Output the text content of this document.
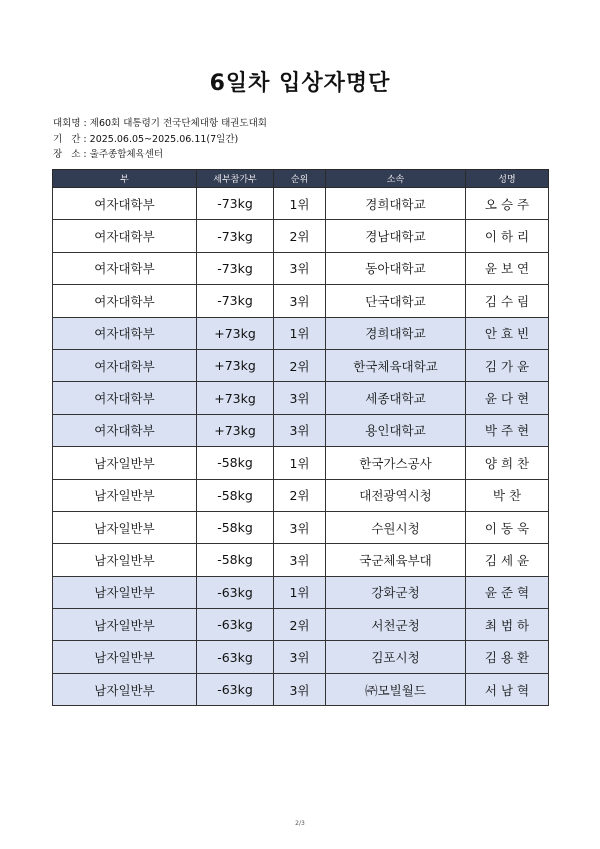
6일차 입상자명단
대회명 :
제60회 대통령기 전국단체대항 태권도대회
기   간 :
2025.06.05~2025.06.11(7일간)
장   소 :
울주종합체육센터
부	세부참가부	순위	소속	성명
여자대학부	-73kg	1위	경희대학교	오승주
여자대학부	-73kg	2위	경남대학교	이하리
여자대학부	-73kg	3위	동아대학교	윤보연
여자대학부	-73kg	3위	단국대학교	김수림
여자대학부	+73kg	1위	경희대학교	안효빈
여자대학부	+73kg	2위	한국체육대학교	김가윤
여자대학부	+73kg	3위	세종대학교	윤다현
여자대학부	+73kg	3위	용인대학교	박주현
남자일반부	-58kg	1위	한국가스공사	양희찬
남자일반부	-58kg	2위	대전광역시청	박찬
남자일반부	-58kg	3위	수원시청	이동욱
남자일반부	-58kg	3위	국군체육부대	김세윤
남자일반부	-63kg	1위	강화군청	윤준혁
남자일반부	-63kg	2위	서천군청	최범하
남자일반부	-63kg	3위	김포시청	김용환
남자일반부	-63kg	3위	㈜모빌월드	서남혁
2/3
